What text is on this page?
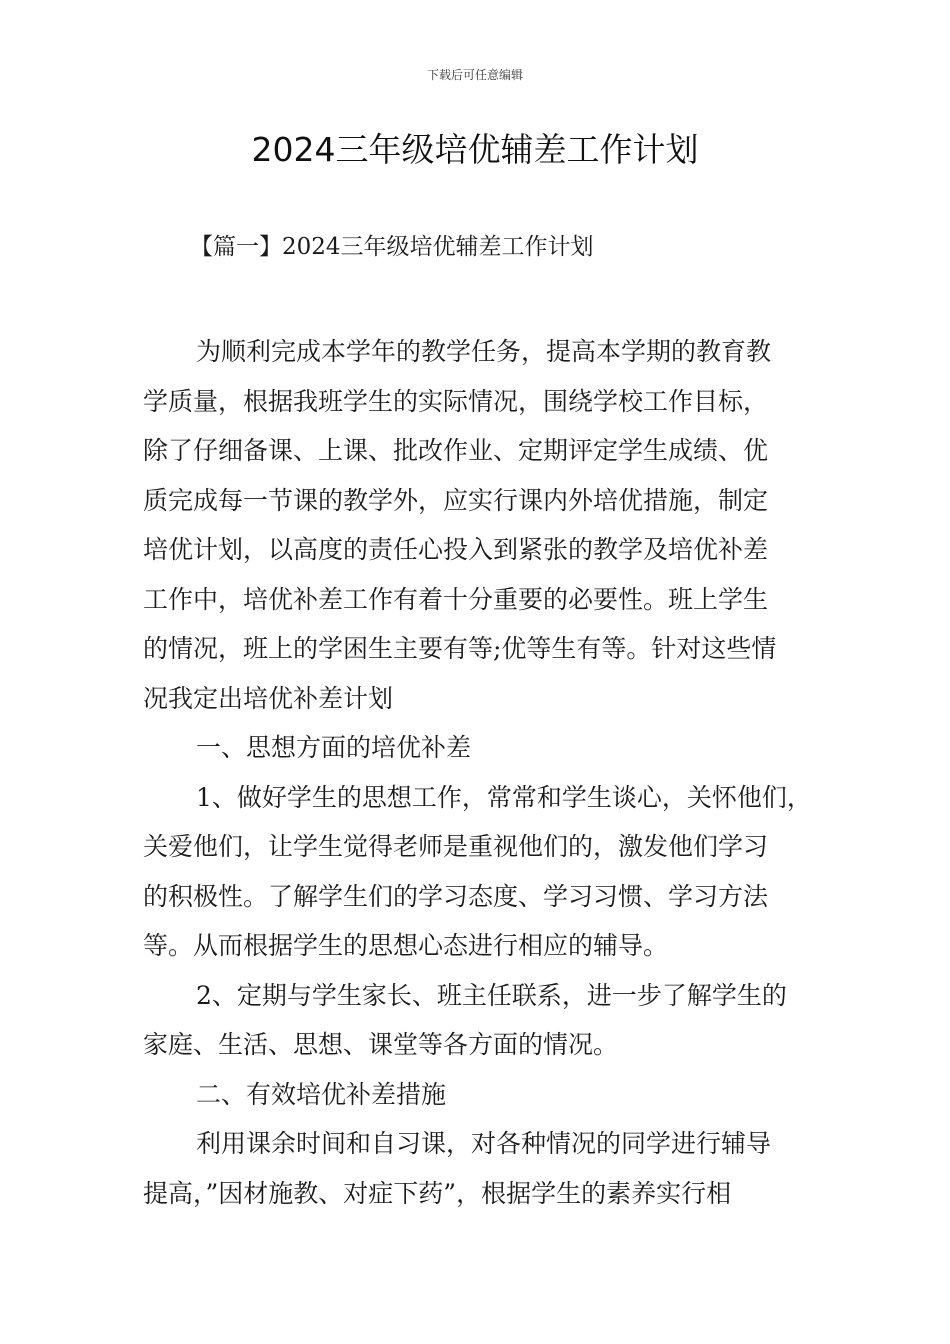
下载后可任意编辑
2024三年级培优辅差工作计划
【篇一】2024三年级培优辅差工作计划
为顺利完成本学年的教学任务，提高本学期的教育教
学质量，根据我班学生的实际情况，围绕学校工作目标，
除了仔细备课、上课、批改作业、定期评定学生成绩、优
质完成每一节课的教学外，应实行课内外培优措施，制定
培优计划，以高度的责任心投入到紧张的教学及培优补差
工作中，培优补差工作有着十分重要的必要性。班上学生
的情况，班上的学困生主要有等;优等生有等。针对这些情
况我定出培优补差计划
一、思想方面的培优补差
1、做好学生的思想工作，常常和学生谈心，关怀他们，
关爱他们，让学生觉得老师是重视他们的，激发他们学习
的积极性。了解学生们的学习态度、学习习惯、学习方法
等。从而根据学生的思想心态进行相应的辅导。
2、定期与学生家长、班主任联系，进一步了解学生的
家庭、生活、思想、课堂等各方面的情况。
二、有效培优补差措施
利用课余时间和自习课，对各种情况的同学进行辅导
提高，”因材施教、对症下药”，根据学生的素养实行相
